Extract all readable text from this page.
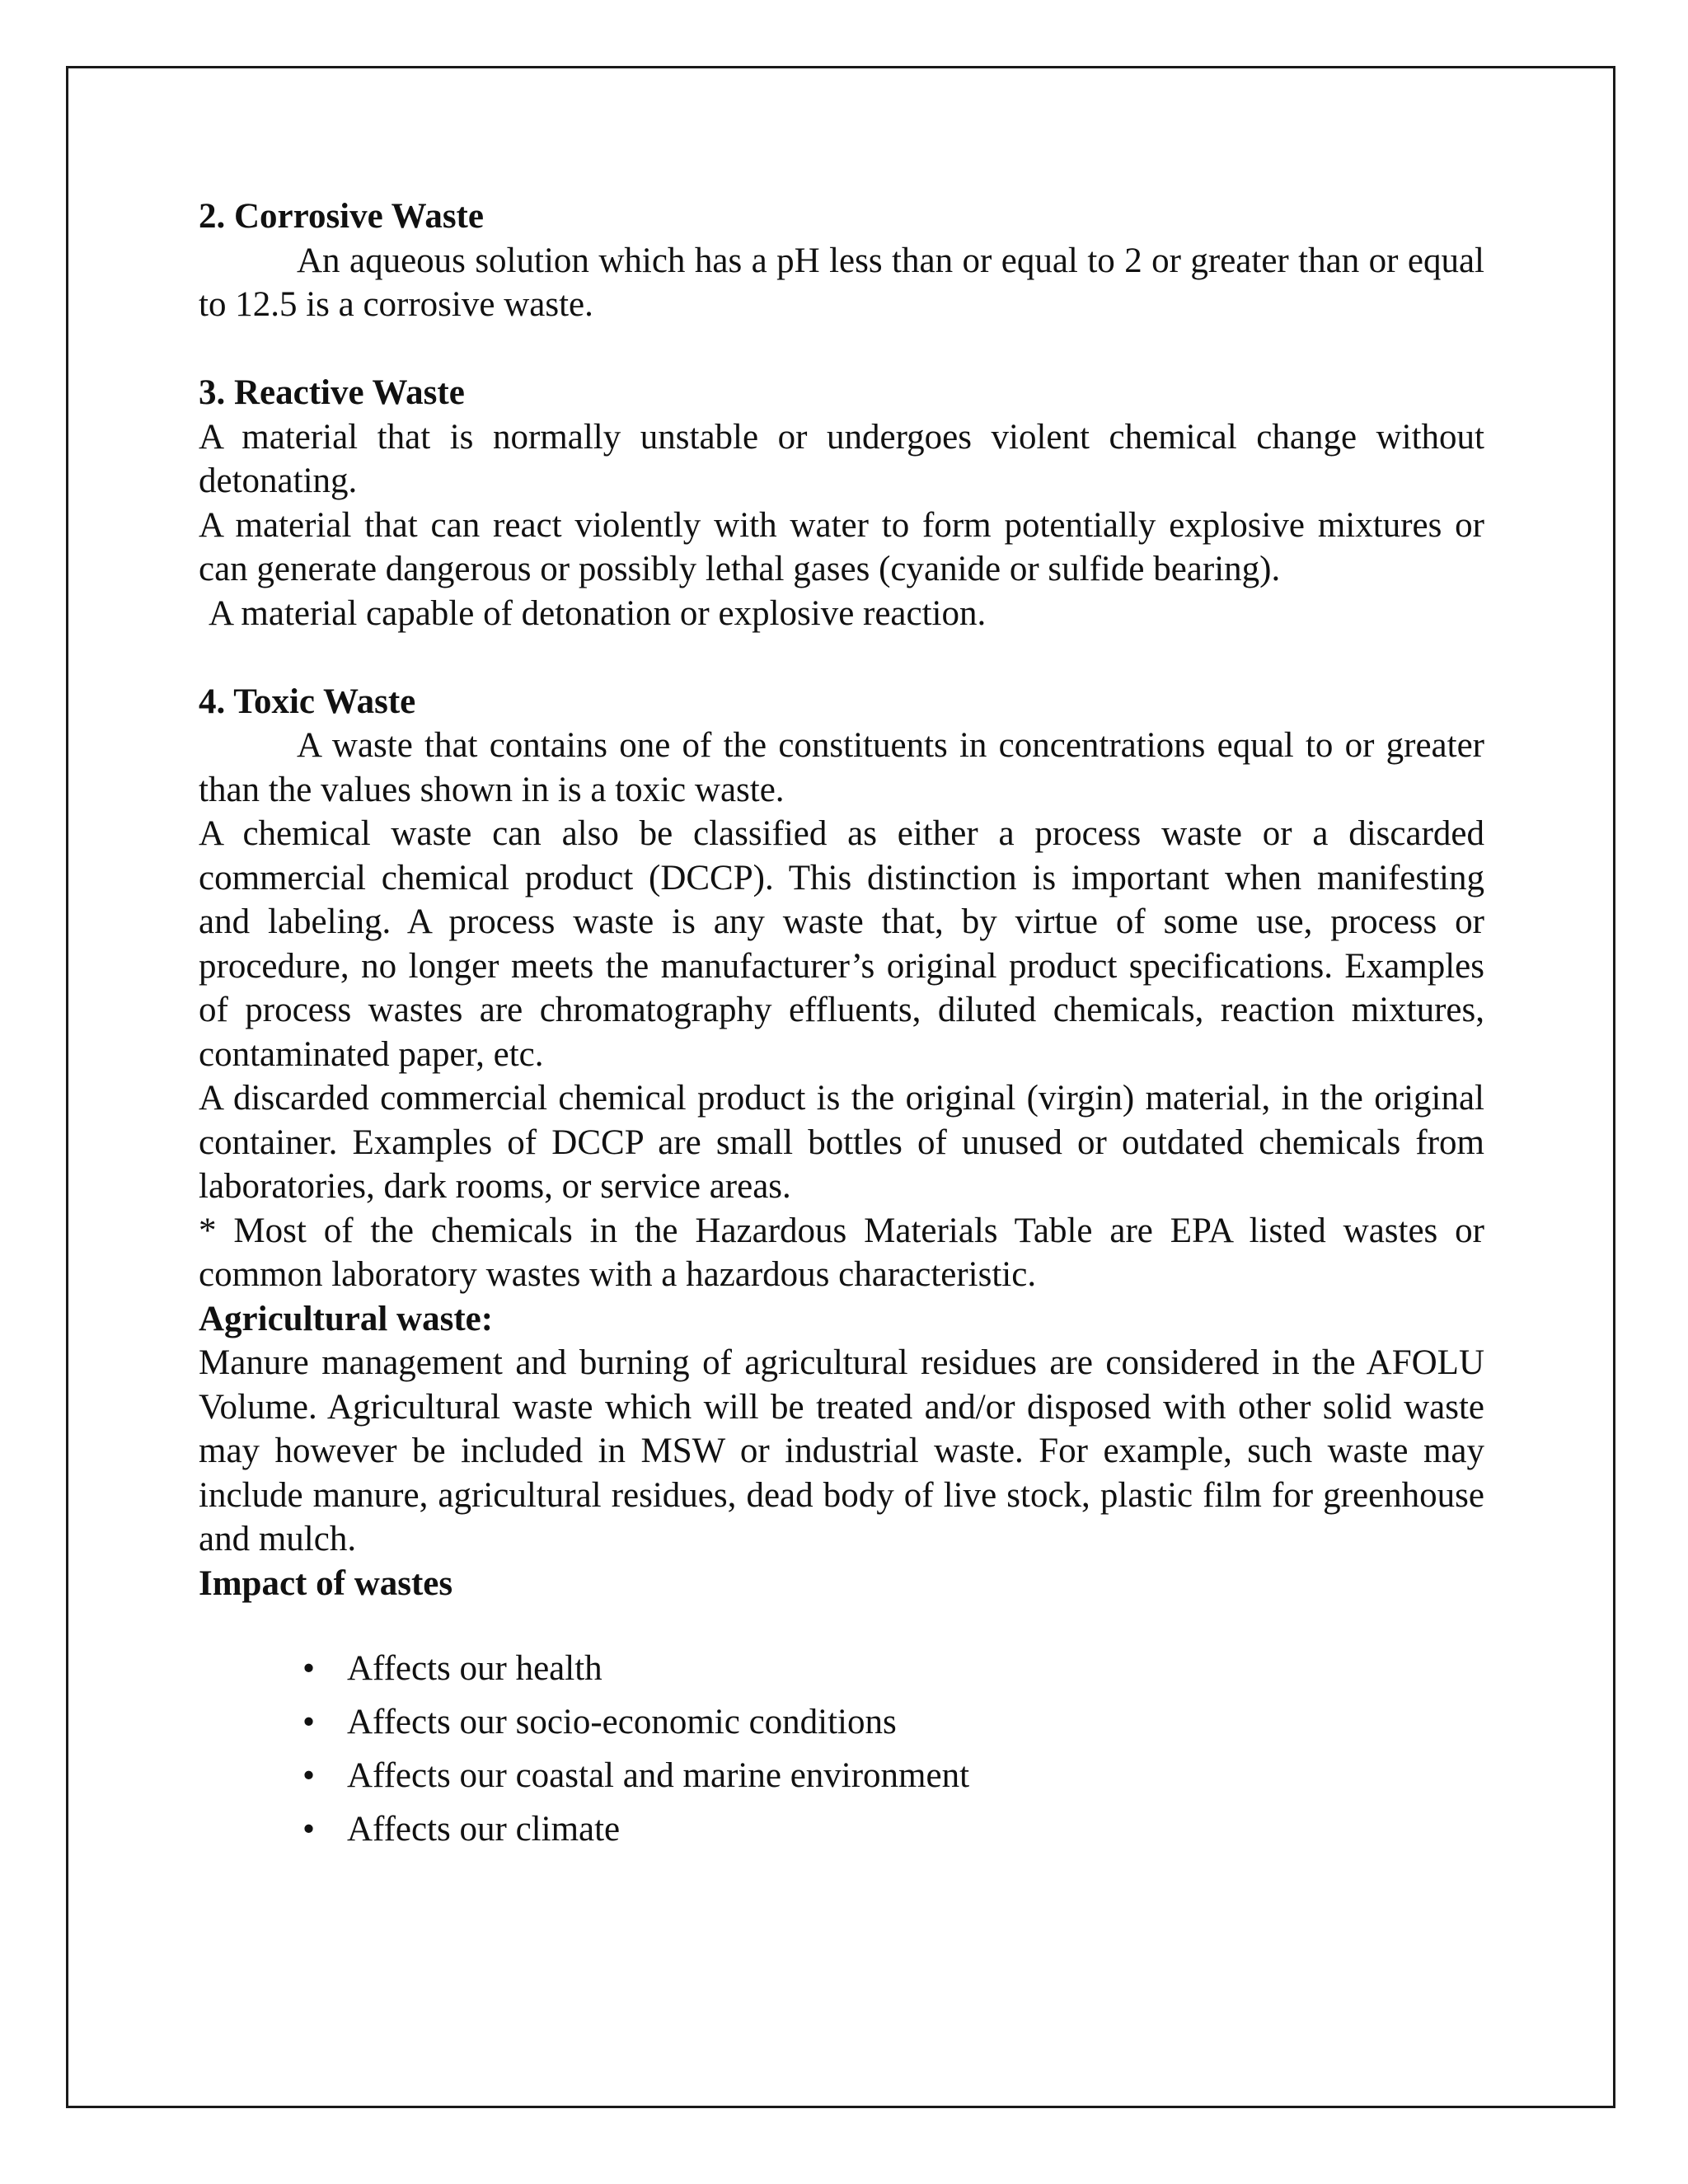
2. Corrosive Waste

An aqueous solution which has a pH less than or equal to 2 or greater than or equal to 12.5 is a corrosive waste.

3. Reactive Waste

A material that is normally unstable or undergoes violent chemical change without detonating.

A material that can react violently with water to form potentially explosive mixtures or can generate dangerous or possibly lethal gases (cyanide or sulfide bearing).

A material capable of detonation or explosive reaction.

4. Toxic Waste

A waste that contains one of the constituents in concentrations equal to or greater than the values shown in is a toxic waste.

A chemical waste can also be classified as either a process waste or a discarded commercial chemical product (DCCP). This distinction is important when manifesting and labeling. A process waste is any waste that, by virtue of some use, process or procedure, no longer meets the manufacturer’s original product specifications. Examples of process wastes are chromatography effluents, diluted chemicals, reaction mixtures, contaminated paper, etc.

A discarded commercial chemical product is the original (virgin) material, in the original container. Examples of DCCP are small bottles of unused or outdated chemicals from laboratories, dark rooms, or service areas.

* Most of the chemicals in the Hazardous Materials Table are EPA listed wastes or common laboratory wastes with a hazardous characteristic.

Agricultural waste:

Manure management and burning of agricultural residues are considered in the AFOLU Volume. Agricultural waste which will be treated and/or disposed with other solid waste may however be included in MSW or industrial waste. For example, such waste may include manure, agricultural residues, dead body of live stock, plastic film for greenhouse and mulch.

Impact of wastes

• Affects our health
• Affects our socio-economic conditions
• Affects our coastal and marine environment
• Affects our climate
